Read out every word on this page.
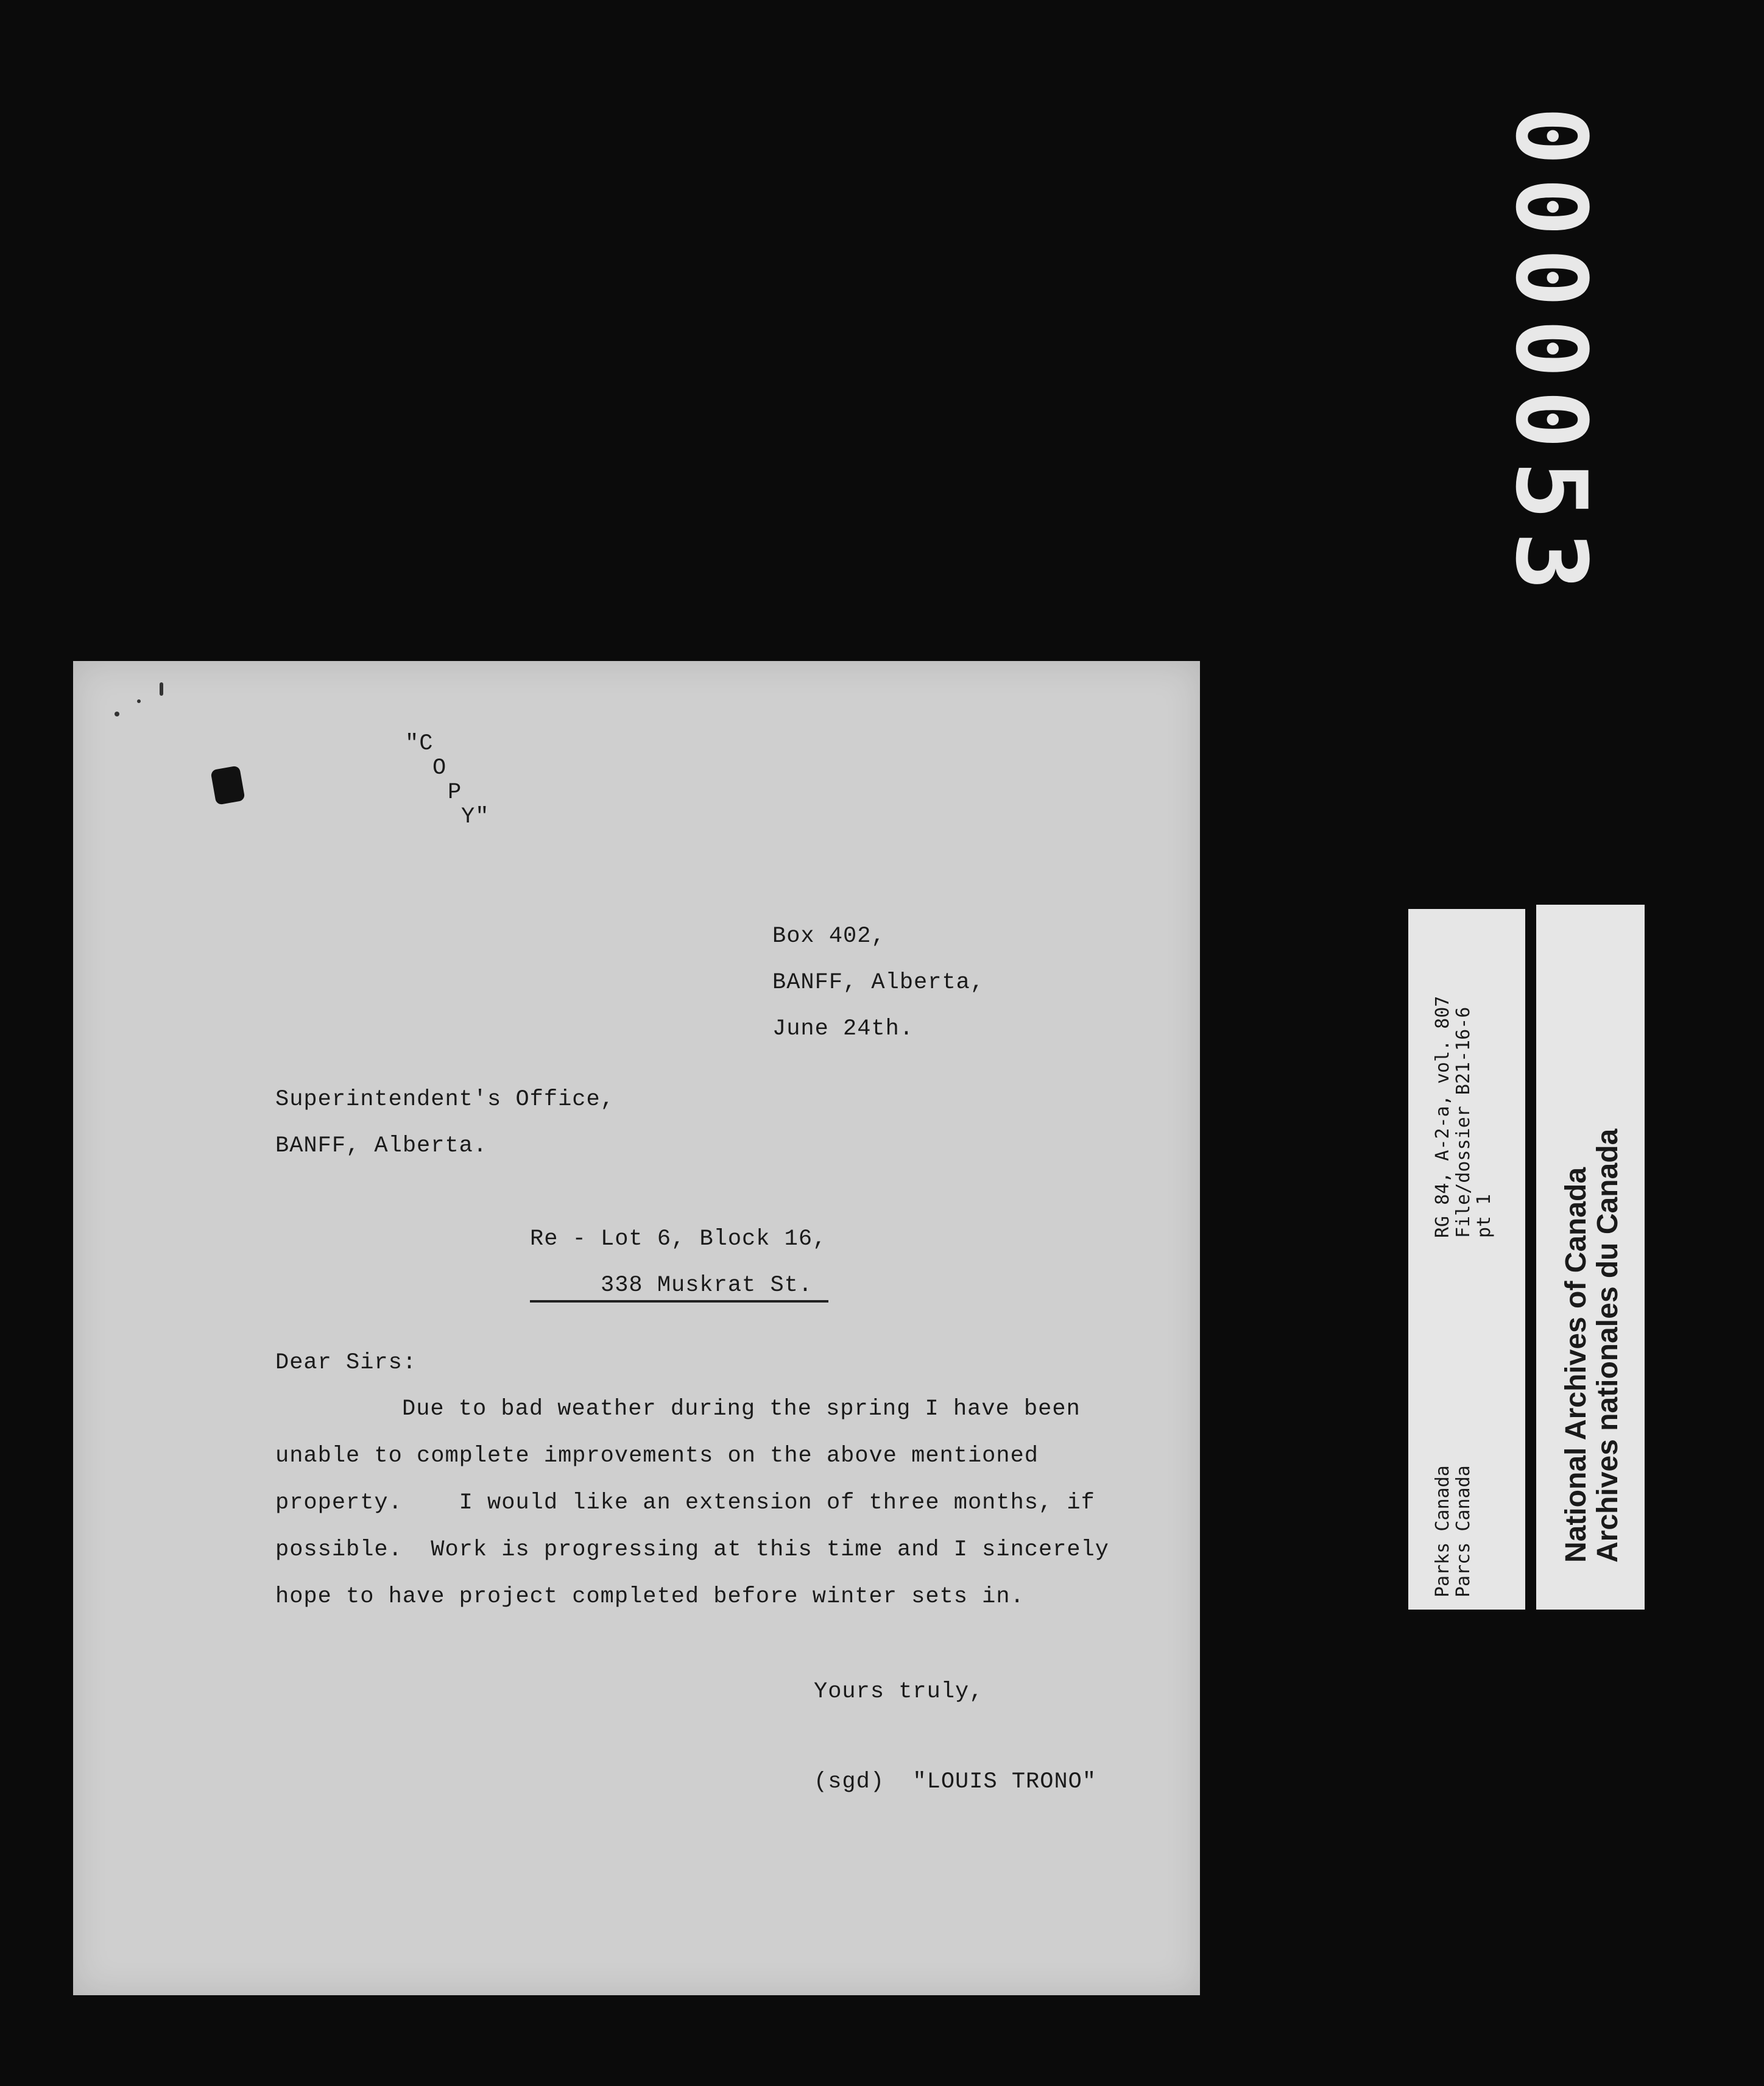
0000053
"C
O
P
Y"
Box 402,
BANFF, Alberta,
June 24th.
Superintendent's Office,
BANFF, Alberta.
Re - Lot 6, Block 16,
338 Muskrat St.
Dear Sirs:
Due to bad weather during the spring I have been
unable to complete improvements on the above mentioned
property.    I would like an extension of three months, if
possible.  Work is progressing at this time and I sincerely
hope to have project completed before winter sets in.
Yours truly,
(sgd)  "LOUIS TRONO"
RG 84, A-2-a, vol. 807 File/dossier B21-16-6 pt 1
Parks Canada Parcs Canada	National Archives of Canada Archives nationales du Canada
